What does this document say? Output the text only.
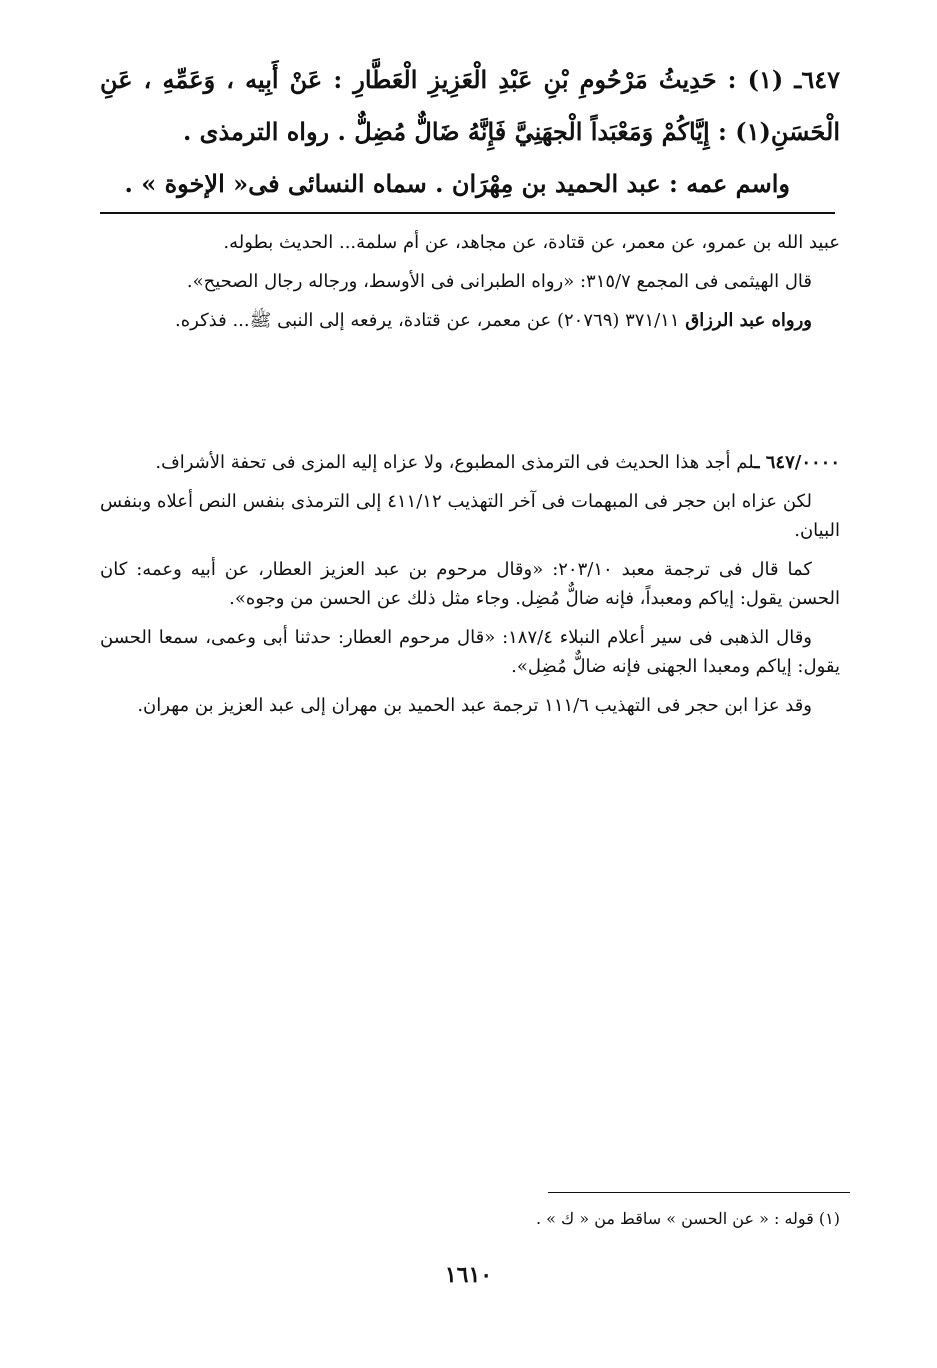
٦٤٧ـ (١) : حَدِيثُ مَرْحُومِ بْنِ عَبْدِ الْعَزِيزِ الْعَطَّارِ : عَنْ أَبِيه ، وَعَمِّهِ ، عَنِ الْحَسَنِ(١) : إِيَّاكُمْ وَمَعْبَداً الْجهَنِيَّ فَإِنَّهُ ضَالٌّ مُضِلٌّ . رواه الترمذى .

واسم عمه : عبد الحميد بن مِهْرَان . سماه النسائى فى« الإخوة » .

عبيد الله بن عمرو، عن معمر، عن قتادة، عن مجاهد، عن أم سلمة... الحديث بطوله.

قال الهيثمى فى المجمع ٣١٥/٧: «رواه الطبرانى فى الأوسط، ورجاله رجال الصحيح».

ورواه عبد الرزاق ٣٧١/١١ (٢٠٧٦٩) عن معمر، عن قتادة، يرفعه إلى النبى ﷺ... فذكره.

٦٤٧/٠٠٠٠ ـلم أجد هذا الحديث فى الترمذى المطبوع، ولا عزاه إليه المزى فى تحفة الأشراف.

لكن عزاه ابن حجر فى المبهمات فى آخر التهذيب ٤١١/١٢ إلى الترمذى بنفس النص أعلاه وبنفس البيان.

كما قال فى ترجمة معبد ٢٠٣/١٠: «وقال مرحوم بن عبد العزيز العطار، عن أبيه وعمه: كان الحسن يقول: إياكم ومعبداً، فإنه ضالٌّ مُضِل. وجاء مثل ذلك عن الحسن من وجوه».

وقال الذهبى فى سير أعلام النبلاء ١٨٧/٤: «قال مرحوم العطار: حدثنا أبى وعمى، سمعا الحسن يقول: إياكم ومعبدا الجهنى فإنه ضالٌّ مُضِل».

وقد عزا ابن حجر فى التهذيب ١١١/٦ ترجمة عبد الحميد بن مهران إلى عبد العزيز بن مهران.

(١) قوله : « عن الحسن » ساقط من « ك » .

١٦١٠
